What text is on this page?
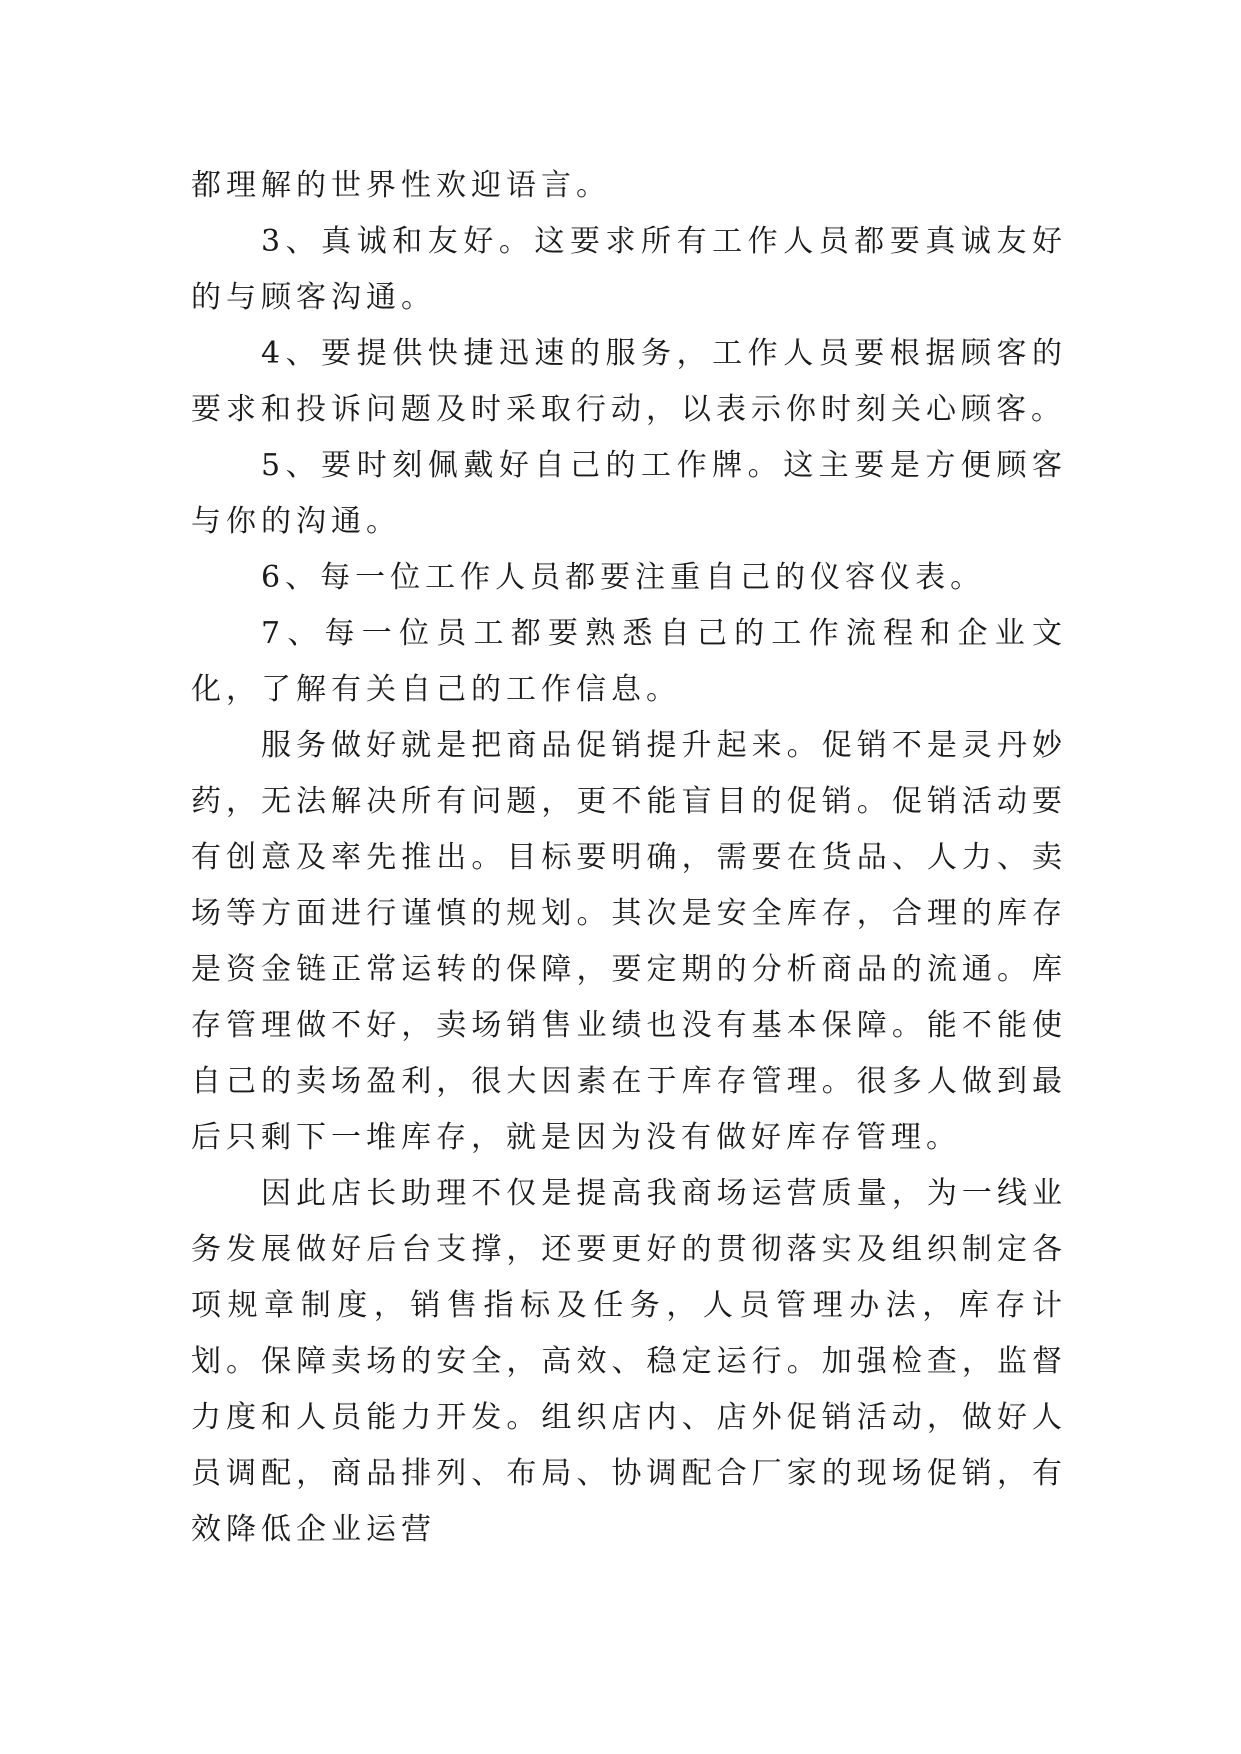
都理解的世界性欢迎语言。

3、真诚和友好。这要求所有工作人员都要真诚友好的与顾客沟通。

4、要提供快捷迅速的服务，工作人员要根据顾客的要求和投诉问题及时采取行动，以表示你时刻关心顾客。

5、要时刻佩戴好自己的工作牌。这主要是方便顾客与你的沟通。

6、每一位工作人员都要注重自己的仪容仪表。

7、每一位员工都要熟悉自己的工作流程和企业文化，了解有关自己的工作信息。

服务做好就是把商品促销提升起来。促销不是灵丹妙药，无法解决所有问题，更不能盲目的促销。促销活动要有创意及率先推出。目标要明确，需要在货品、人力、卖场等方面进行谨慎的规划。其次是安全库存，合理的库存是资金链正常运转的保障，要定期的分析商品的流通。库存管理做不好，卖场销售业绩也没有基本保障。能不能使自己的卖场盈利，很大因素在于库存管理。很多人做到最后只剩下一堆库存，就是因为没有做好库存管理。

因此店长助理不仅是提高我商场运营质量，为一线业务发展做好后台支撑，还要更好的贯彻落实及组织制定各项规章制度，销售指标及任务，人员管理办法，库存计划。保障卖场的安全，高效、稳定运行。加强检查，监督力度和人员能力开发。组织店内、店外促销活动，做好人员调配，商品排列、布局、协调配合厂家的现场促销，有效降低企业运营
